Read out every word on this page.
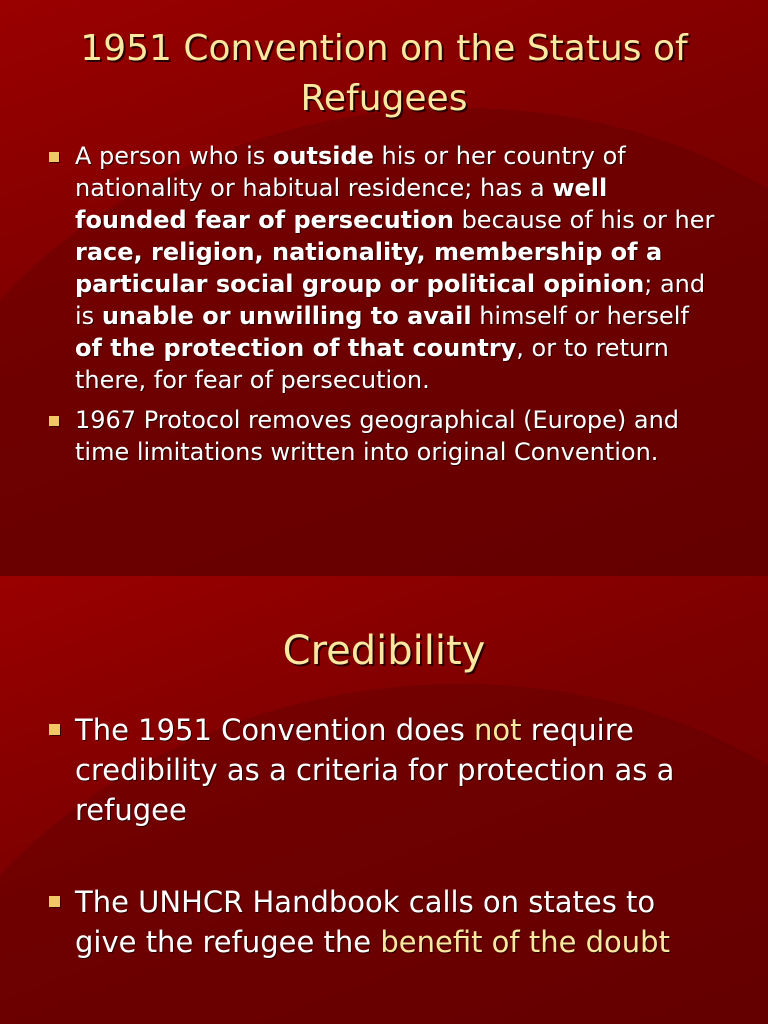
1951 Convention on the Status of Refugees
A person who is outside his or her country of nationality or habitual residence; has a well founded fear of persecution because of his or her race, religion, nationality, membership of a particular social group or political opinion; and is unable or unwilling to avail himself or herself of the protection of that country, or to return there, for fear of persecution.
1967 Protocol removes geographical (Europe) and time limitations written into original Convention.
Credibility
The 1951 Convention does not require credibility as a criteria for protection as a refugee
The UNHCR Handbook calls on states to give the refugee the benefit of the doubt
